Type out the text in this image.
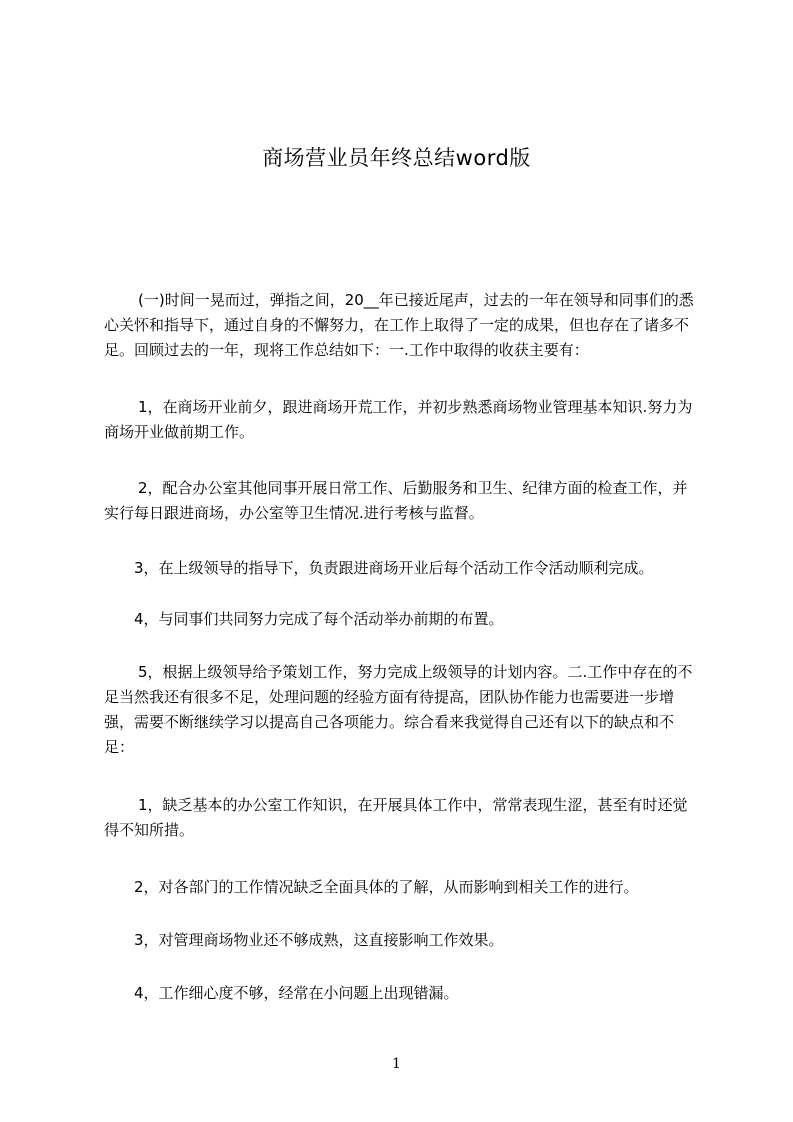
商场营业员年终总结word版

(一)时间一晃而过，弹指之间，20__年已接近尾声，过去的一年在领导和同事们的悉心关怀和指导下，通过自身的不懈努力，在工作上取得了一定的成果，但也存在了诸多不足。回顾过去的一年，现将工作总结如下：一.工作中取得的收获主要有：

1，在商场开业前夕，跟进商场开荒工作，并初步熟悉商场物业管理基本知识.努力为商场开业做前期工作。

2，配合办公室其他同事开展日常工作、后勤服务和卫生、纪律方面的检查工作，并实行每日跟进商场，办公室等卫生情况.进行考核与监督。

3，在上级领导的指导下，负责跟进商场开业后每个活动工作令活动顺利完成。

4，与同事们共同努力完成了每个活动举办前期的布置。

5，根据上级领导给予策划工作，努力完成上级领导的计划内容。二.工作中存在的不足当然我还有很多不足，处理问题的经验方面有待提高，团队协作能力也需要进一步增强，需要不断继续学习以提高自己各项能力。综合看来我觉得自己还有以下的缺点和不足：

1，缺乏基本的办公室工作知识，在开展具体工作中，常常表现生涩，甚至有时还觉得不知所措。

2，对各部门的工作情况缺乏全面具体的了解，从而影响到相关工作的进行。

3，对管理商场物业还不够成熟，这直接影响工作效果。

4，工作细心度不够，经常在小问题上出现错漏。

1
